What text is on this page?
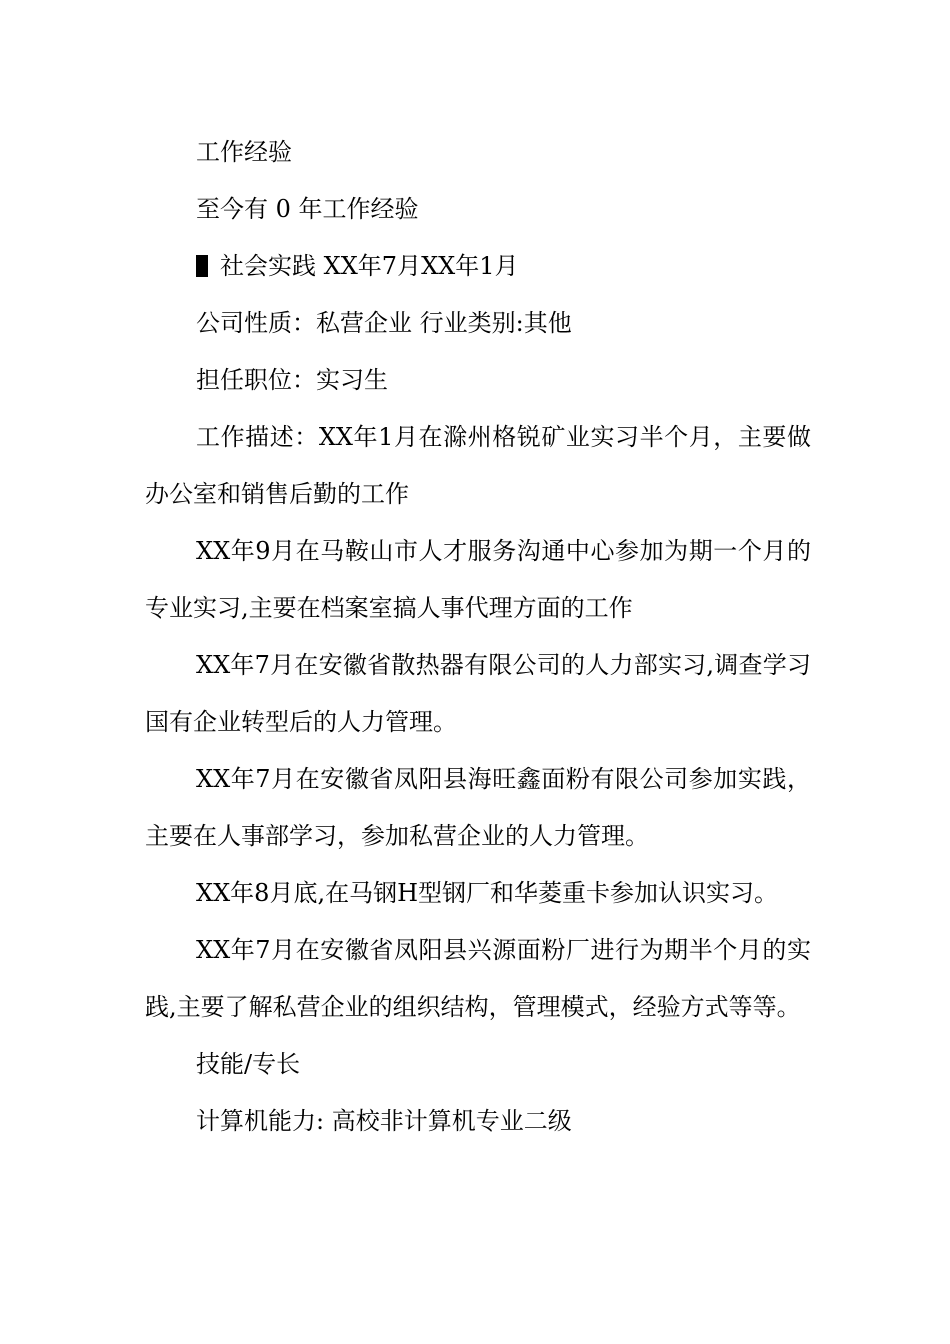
工作经验

至今有 0 年工作经验

社会实践 XX年7月XX年1月

公司性质：私营企业 行业类别:其他

担任职位：实习生

工作描述：XX年1月在滁州格锐矿业实习半个月，主要做办公室和销售后勤的工作

XX年9月在马鞍山市人才服务沟通中心参加为期一个月的专业实习,主要在档案室搞人事代理方面的工作

XX年7月在安徽省散热器有限公司的人力部实习,调查学习国有企业转型后的人力管理。

XX年7月在安徽省凤阳县海旺鑫面粉有限公司参加实践，主要在人事部学习，参加私营企业的人力管理。

XX年8月底,在马钢H型钢厂和华菱重卡参加认识实习。

XX年7月在安徽省凤阳县兴源面粉厂进行为期半个月的实践,主要了解私营企业的组织结构，管理模式，经验方式等等。

技能/专长

计算机能力: 高校非计算机专业二级
